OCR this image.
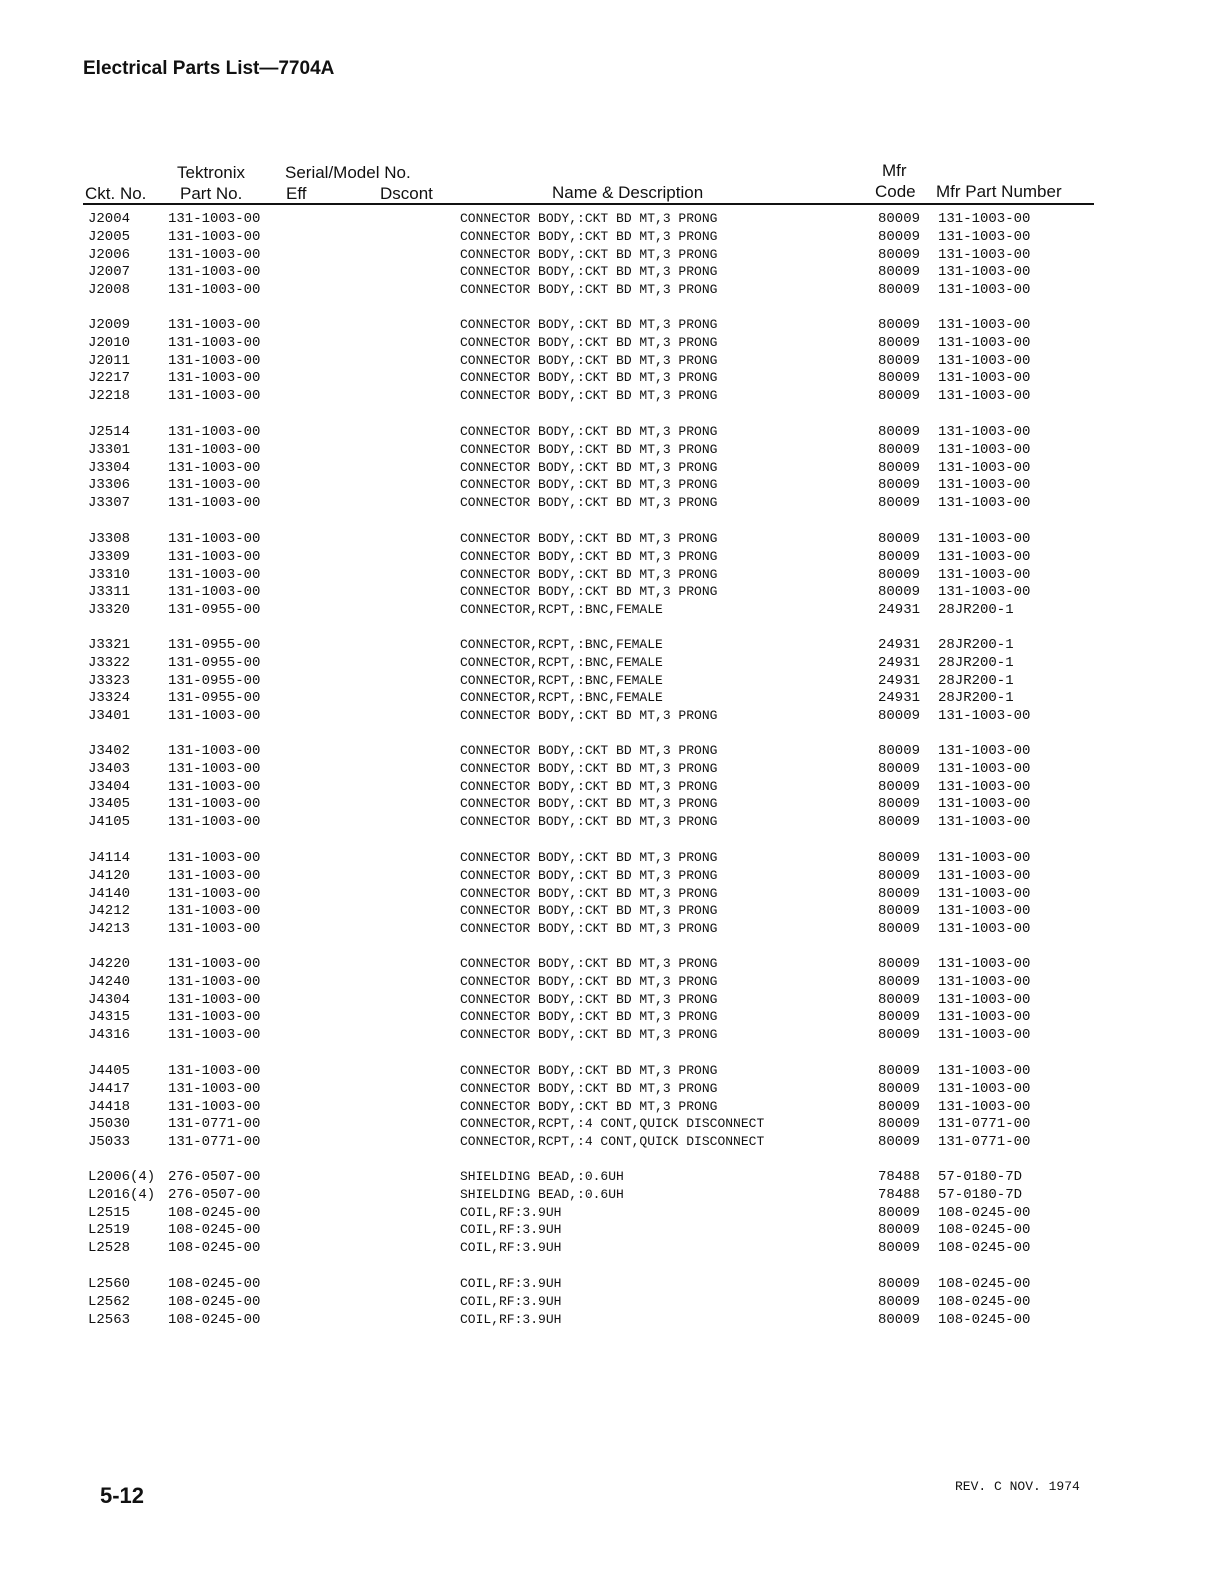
Electrical Parts List—7704A
Tektronix Serial/Model No.	Mfr
Ckt. No. Part No.	Eff	Dscont	Name & Description	Code Mfr Part Number
J2004	131-1003-00	CONNECTOR BODY,:CKT BD MT,3 PRONG	80009 131-1003-00
J2005	131-1003-00	CONNECTOR BODY,:CKT BD MT,3 PRONG	80009 131-1003-00
J2006	131-1003-00	CONNECTOR BODY,:CKT BD MT,3 PRONG	80009 131-1003-00
J2007	131-1003-00	CONNECTOR BODY,:CKT BD MT,3 PRONG	80009 131-1003-00
J2008	131-1003-00	CONNECTOR BODY,:CKT BD MT,3 PRONG	80009 131-1003-00
J2009	131-1003-00	CONNECTOR BODY,:CKT BD MT,3 PRONG	80009 131-1003-00
J2010	131-1003-00	CONNECTOR BODY,:CKT BD MT,3 PRONG	80009 131-1003-00
J2011	131-1003-00	CONNECTOR BODY,:CKT BD MT,3 PRONG	80009 131-1003-00
J2217	131-1003-00	CONNECTOR BODY,:CKT BD MT,3 PRONG	80009 131-1003-00
J2218	131-1003-00	CONNECTOR BODY,:CKT BD MT,3 PRONG	80009 131-1003-00
J2514	131-1003-00	CONNECTOR BODY,:CKT BD MT,3 PRONG	80009 131-1003-00
J3301	131-1003-00	CONNECTOR BODY,:CKT BD MT,3 PRONG	80009 131-1003-00
J3304	131-1003-00	CONNECTOR BODY,:CKT BD MT,3 PRONG	80009 131-1003-00
J3306	131-1003-00	CONNECTOR BODY,:CKT BD MT,3 PRONG	80009 131-1003-00
J3307	131-1003-00	CONNECTOR BODY,:CKT BD MT,3 PRONG	80009 131-1003-00
J3308	131-1003-00	CONNECTOR BODY,:CKT BD MT,3 PRONG	80009 131-1003-00
J3309	131-1003-00	CONNECTOR BODY,:CKT BD MT,3 PRONG	80009 131-1003-00
J3310	131-1003-00	CONNECTOR BODY,:CKT BD MT,3 PRONG	80009 131-1003-00
J3311	131-1003-00	CONNECTOR BODY,:CKT BD MT,3 PRONG	80009 131-1003-00
J3320	131-0955-00	CONNECTOR,RCPT,:BNC,FEMALE	24931 28JR200-1
J3321	131-0955-00	CONNECTOR,RCPT,:BNC,FEMALE	24931 28JR200-1
J3322	131-0955-00	CONNECTOR,RCPT,:BNC,FEMALE	24931 28JR200-1
J3323	131-0955-00	CONNECTOR,RCPT,:BNC,FEMALE	24931 28JR200-1
J3324	131-0955-00	CONNECTOR,RCPT,:BNC,FEMALE	24931 28JR200-1
J3401	131-1003-00	CONNECTOR BODY,:CKT BD MT,3 PRONG	80009 131-1003-00
J3402	131-1003-00	CONNECTOR BODY,:CKT BD MT,3 PRONG	80009 131-1003-00
J3403	131-1003-00	CONNECTOR BODY,:CKT BD MT,3 PRONG	80009 131-1003-00
J3404	131-1003-00	CONNECTOR BODY,:CKT BD MT,3 PRONG	80009 131-1003-00
J3405	131-1003-00	CONNECTOR BODY,:CKT BD MT,3 PRONG	80009 131-1003-00
J4105	131-1003-00	CONNECTOR BODY,:CKT BD MT,3 PRONG	80009 131-1003-00
J4114	131-1003-00	CONNECTOR BODY,:CKT BD MT,3 PRONG	80009 131-1003-00
J4120	131-1003-00	CONNECTOR BODY,:CKT BD MT,3 PRONG	80009 131-1003-00
J4140	131-1003-00	CONNECTOR BODY,:CKT BD MT,3 PRONG	80009 131-1003-00
J4212	131-1003-00	CONNECTOR BODY,:CKT BD MT,3 PRONG	80009 131-1003-00
J4213	131-1003-00	CONNECTOR BODY,:CKT BD MT,3 PRONG	80009 131-1003-00
J4220	131-1003-00	CONNECTOR BODY,:CKT BD MT,3 PRONG	80009 131-1003-00
J4240	131-1003-00	CONNECTOR BODY,:CKT BD MT,3 PRONG	80009 131-1003-00
J4304	131-1003-00	CONNECTOR BODY,:CKT BD MT,3 PRONG	80009 131-1003-00
J4315	131-1003-00	CONNECTOR BODY,:CKT BD MT,3 PRONG	80009 131-1003-00
J4316	131-1003-00	CONNECTOR BODY,:CKT BD MT,3 PRONG	80009 131-1003-00
J4405	131-1003-00	CONNECTOR BODY,:CKT BD MT,3 PRONG	80009 131-1003-00
J4417	131-1003-00	CONNECTOR BODY,:CKT BD MT,3 PRONG	80009 131-1003-00
J4418	131-1003-00	CONNECTOR BODY,:CKT BD MT,3 PRONG	80009 131-1003-00
J5030	131-0771-00	CONNECTOR,RCPT,:4 CONT,QUICK DISCONNECT	80009 131-0771-00
J5033	131-0771-00	CONNECTOR,RCPT,:4 CONT,QUICK DISCONNECT	80009 131-0771-00
L2006(4) 276-0507-00	SHIELDING BEAD,:0.6UH	78488 57-0180-7D
L2016(4) 276-0507-00	SHIELDING BEAD,:0.6UH	78488 57-0180-7D
L2515	108-0245-00	COIL,RF:3.9UH	80009 108-0245-00
L2519	108-0245-00	COIL,RF:3.9UH	80009 108-0245-00
L2528	108-0245-00	COIL,RF:3.9UH	80009 108-0245-00
L2560	108-0245-00	COIL,RF:3.9UH	80009 108-0245-00
L2562	108-0245-00	COIL,RF:3.9UH	80009 108-0245-00
L2563	108-0245-00	COIL,RF:3.9UH	80009 108-0245-00
5-12	REV. C NOV. 1974
